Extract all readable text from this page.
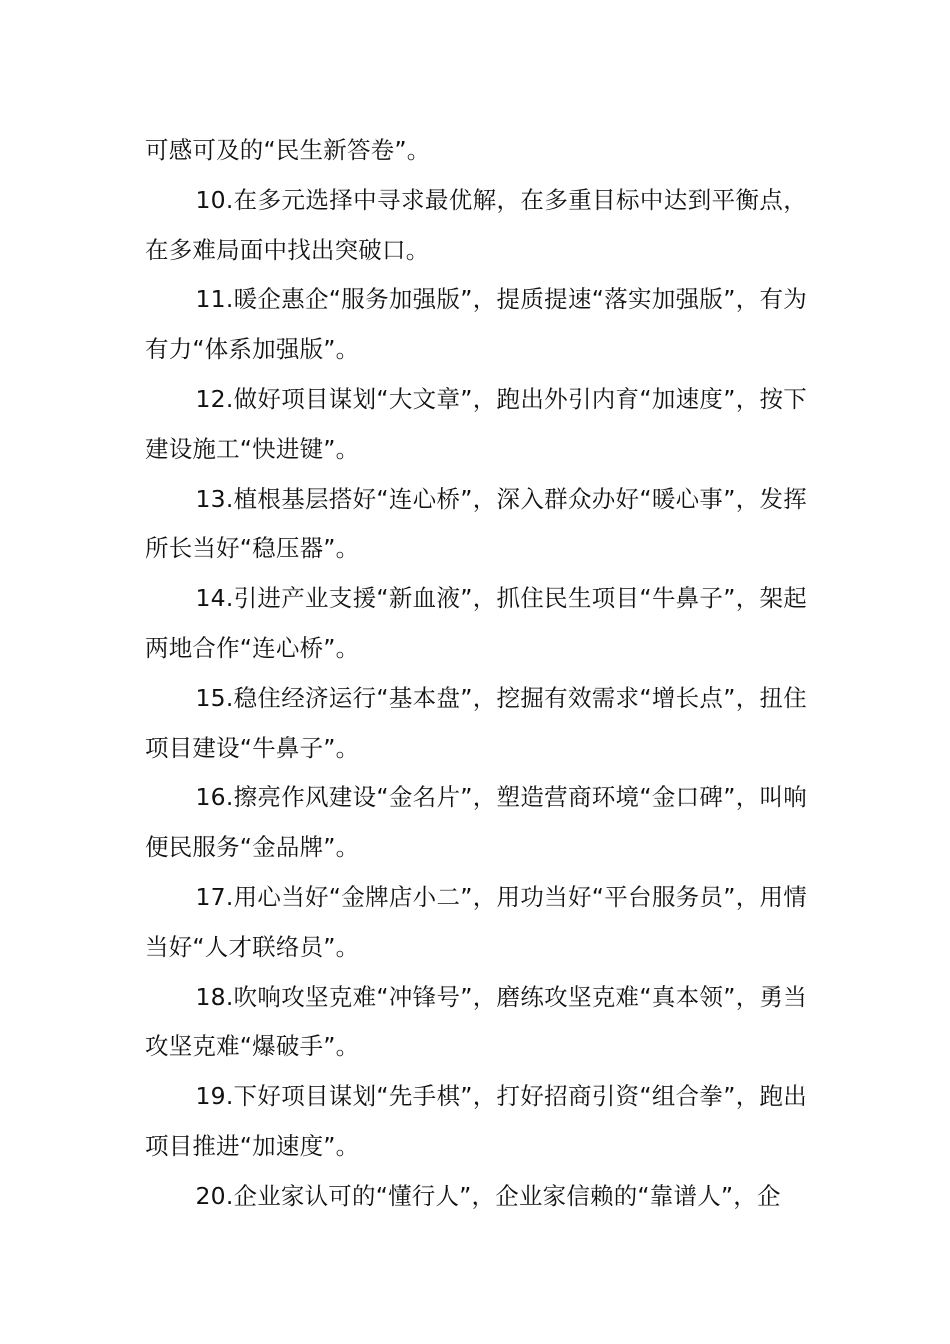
可感可及的“民生新答卷”。

10.在多元选择中寻求最优解，在多重目标中达到平衡点，在多难局面中找出突破口。

11.暖企惠企“服务加强版”，提质提速“落实加强版”，有为有力“体系加强版”。

12.做好项目谋划“大文章”，跑出外引内育“加速度”，按下建设施工“快进键”。

13.植根基层搭好“连心桥”，深入群众办好“暖心事”，发挥所长当好“稳压器”。

14.引进产业支援“新血液”，抓住民生项目“牛鼻子”，架起两地合作“连心桥”。

15.稳住经济运行“基本盘”，挖掘有效需求“增长点”，扭住项目建设“牛鼻子”。

16.擦亮作风建设“金名片”，塑造营商环境“金口碑”，叫响便民服务“金品牌”。

17.用心当好“金牌店小二”，用功当好“平台服务员”，用情当好“人才联络员”。

18.吹响攻坚克难“冲锋号”，磨练攻坚克难“真本领”，勇当攻坚克难“爆破手”。

19.下好项目谋划“先手棋”，打好招商引资“组合拳”，跑出项目推进“加速度”。

20.企业家认可的“懂行人”，企业家信赖的“靠谱人”，企
